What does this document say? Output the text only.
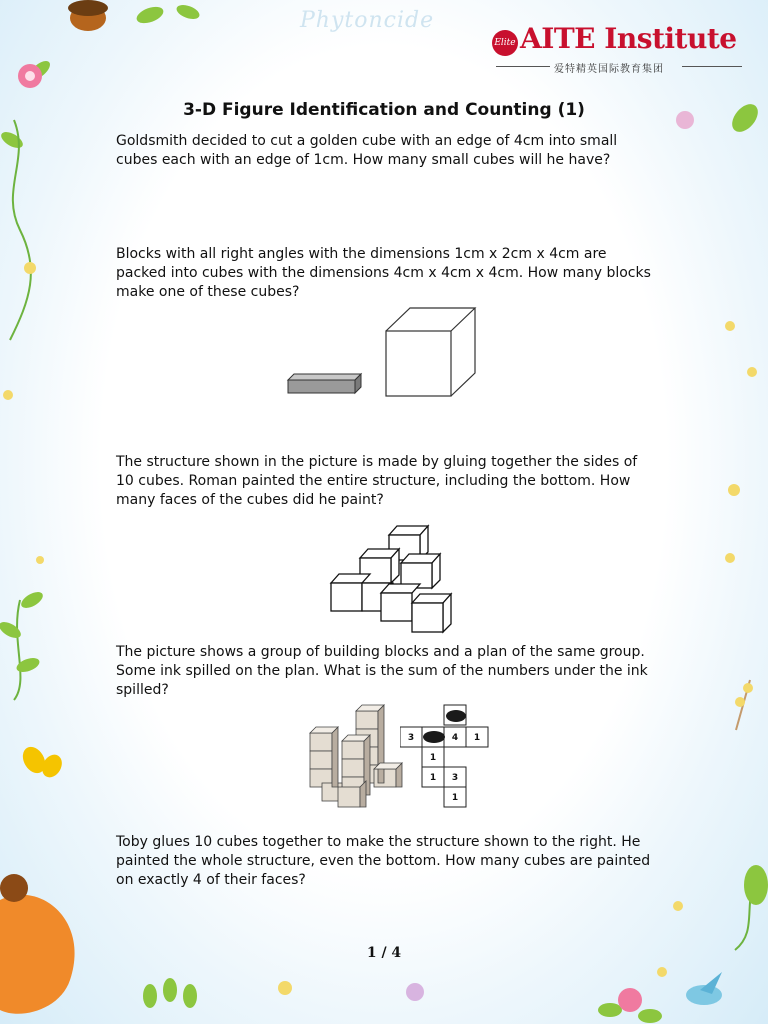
Phytoncide
Elite AITE Institute
爱特精英国际教育集团
3-D Figure Identification and Counting (1)
Goldsmith decided to cut a golden cube with an edge of 4cm into small cubes each with an edge of 1cm. How many small cubes will he have?
Blocks with all right angles with the dimensions 1cm x 2cm x 4cm are packed into cubes with the dimensions 4cm x 4cm x 4cm. How many blocks make one of these cubes?
The structure shown in the picture is made by gluing together the sides of 10 cubes. Roman painted the entire structure, including the bottom. How many faces of the cubes did he paint?
The picture shows a group of building blocks and a plan of the same group. Some ink spilled on the plan. What is the sum of the numbers under the ink spilled?
3	4 1
1
1 3
1
Toby glues 10 cubes together to make the structure shown to the right. He painted the whole structure, even the bottom. How many cubes are painted on exactly 4 of their faces?
1 / 4
